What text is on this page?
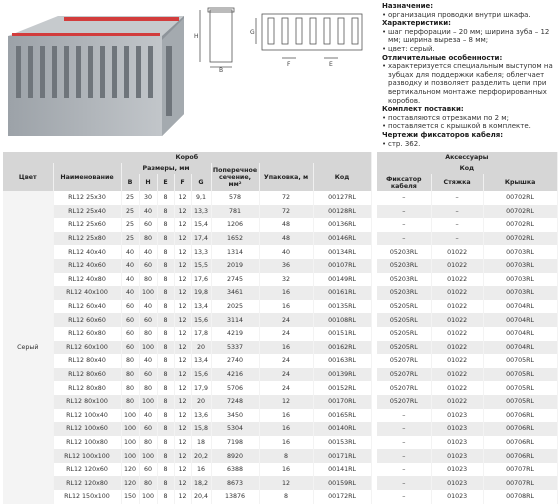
H
B
G
F	E
Назначение:
• организация проводки внутри шкафа.
Характеристики:
• шаг перфорации – 20 мм; ширина зуба – 12 мм; ширина выреза – 8 мм;
• цвет: серый.
Отличительные особенности:
• характеризуется специальным выступом на зубцах для поддержки кабеля; облегчает разводку и позволяет разделить цепи при вертикальном монтаже перфорированных коробов.
Комплект поставки:
• поставляются отрезками по 2 м;
• поставляется с крышкой в комплекте.
Чертежи фиксаторов кабеля:
• стр. 362.
Короб											Аксессуары		
Цвет	Наименование	Размеры, мм					Поперечное сечение, мм²	Упаковка, м	Код		Код		
		B	H	E	F	G					Фиксатор кабеля	Стяжка	Крышка
Серый	RL12 25x30	25	30	8	12	9,1	578	72	00127RL		–	–	00702RL
	RL12 25x40	25	40	8	12	13,3	781	72	00128RL		–	–	00702RL
	RL12 25x60	25	60	8	12	15,4	1206	48	00136RL		–	–	00702RL
	RL12 25x80	25	80	8	12	17,4	1652	48	00146RL		–	–	00702RL
	RL12 40x40	40	40	8	12	13,3	1314	40	00134RL		05203RL	01022	00703RL
	RL12 40x60	40	60	8	12	15,5	2019	36	00107RL		05203RL	01022	00703RL
	RL12 40x80	40	80	8	12	17,6	2745	32	00149RL		05203RL	01022	00703RL
	RL12 40x100	40	100	8	12	19,8	3461	16	00161RL		05203RL	01022	00703RL
	RL12 60x40	60	40	8	12	13,4	2025	16	00135RL		05205RL	01022	00704RL
	RL12 60x60	60	60	8	12	15,6	3114	24	00108RL		05205RL	01022	00704RL
	RL12 60x80	60	80	8	12	17,8	4219	24	00151RL		05205RL	01022	00704RL
	RL12 60x100	60	100	8	12	20	5337	16	00162RL		05205RL	01022	00704RL
	RL12 80x40	80	40	8	12	13,4	2740	24	00163RL		05207RL	01022	00705RL
	RL12 80x60	80	60	8	12	15,6	4216	24	00139RL		05207RL	01022	00705RL
	RL12 80x80	80	80	8	12	17,9	5706	24	00152RL		05207RL	01022	00705RL
	RL12 80x100	80	100	8	12	20	7248	12	00170RL		05207RL	01022	00705RL
	RL12 100x40	100	40	8	12	13,6	3450	16	00165RL		–	01023	00706RL
	RL12 100x60	100	60	8	12	15,8	5304	16	00140RL		–	01023	00706RL
	RL12 100x80	100	80	8	12	18	7198	16	00153RL		–	01023	00706RL
	RL12 100x100	100	100	8	12	20,2	8920	8	00171RL		–	01023	00706RL
	RL12 120x60	120	60	8	12	16	6388	16	00141RL		–	01023	00707RL
	RL12 120x80	120	80	8	12	18,2	8673	12	00159RL		–	01023	00707RL
	RL12 150x100	150	100	8	12	20,4	13876	8	00172RL		–	01023	00708RL
